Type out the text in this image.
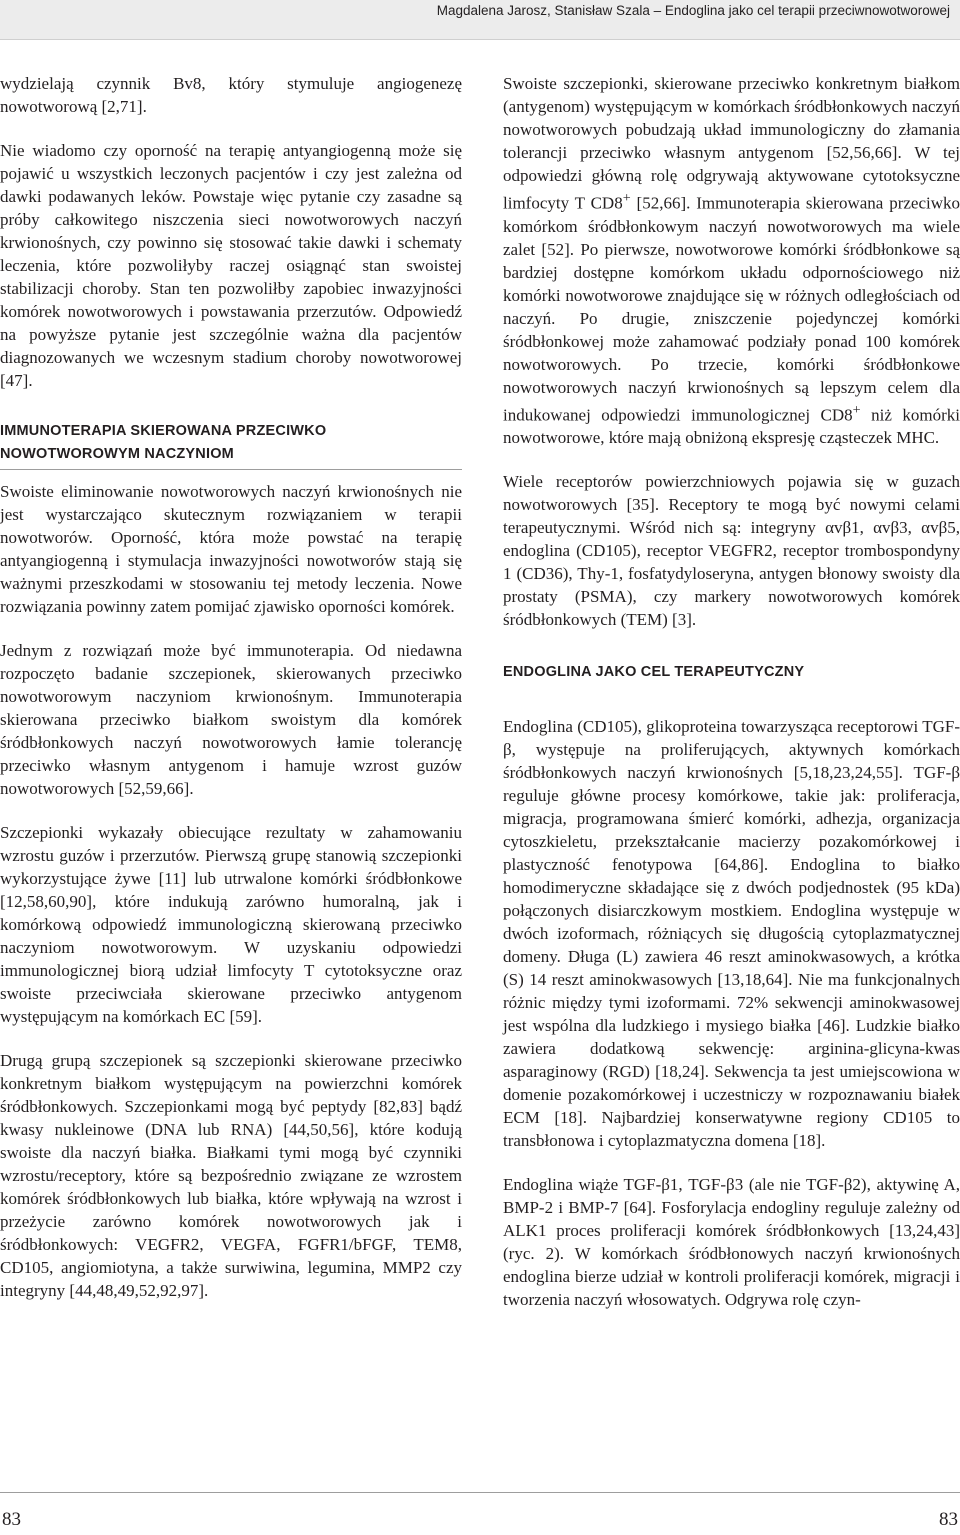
Magdalena Jarosz, Stanisław Szala – Endoglina jako cel terapii przeciwnowotworowej

wydzielają czynnik Bv8, który stymuluje angiogenezę nowotworową [2,71].

Nie wiadomo czy oporność na terapię antyangiogenną może się pojawić u wszystkich leczonych pacjentów i czy jest zależna od dawki podawanych leków. Powstaje więc pytanie czy zasadne są próby całkowitego niszczenia sieci nowotworowych naczyń krwionośnych, czy powinno się stosować takie dawki i schematy leczenia, które pozwoliłyby raczej osiągnąć stan swoistej stabilizacji choroby. Stan ten pozwoliłby zapobiec inwazyjności komórek nowotworowych i powstawania przerzutów. Odpowiedź na powyższe pytanie jest szczególnie ważna dla pacjentów diagnozowanych we wczesnym stadium choroby nowotworowej [47].

IMMUNOTERAPIA SKIEROWANA PRZECIWKO NOWOTWOROWYM NACZYNIOM

Swoiste eliminowanie nowotworowych naczyń krwionośnych nie jest wystarczająco skutecznym rozwiązaniem w terapii nowotworów. Oporność, która może powstać na terapię antyangiogenną i stymulacja inwazyjności nowotworów stają się ważnymi przeszkodami w stosowaniu tej metody leczenia. Nowe rozwiązania powinny zatem pomijać zjawisko oporności komórek.

Jednym z rozwiązań może być immunoterapia. Od niedawna rozpoczęto badanie szczepionek, skierowanych przeciwko nowotworowym naczyniom krwionośnym. Immunoterapia skierowana przeciwko białkom swoistym dla komórek śródbłonkowych naczyń nowotworowych łamie tolerancję przeciwko własnym antygenom i hamuje wzrost guzów nowotworowych [52,59,66].

Szczepionki wykazały obiecujące rezultaty w zahamowaniu wzrostu guzów i przerzutów. Pierwszą grupę stanowią szczepionki wykorzystujące żywe [11] lub utrwalone komórki śródbłonkowe [12,58,60,90], które indukują zarówno humoralną, jak i komórkową odpowiedź immunologiczną skierowaną przeciwko naczyniom nowotworowym. W uzyskaniu odpowiedzi immunologicznej biorą udział limfocyty T cytotoksyczne oraz swoiste przeciwciała skierowane przeciwko antygenom występującym na komórkach EC [59].

Drugą grupą szczepionek są szczepionki skierowane przeciwko konkretnym białkom występującym na powierzchni komórek śródbłonkowych. Szczepionkami mogą być peptydy [82,83] bądź kwasy nukleinowe (DNA lub RNA) [44,50,56], które kodują swoiste dla naczyń białka. Białkami tymi mogą być czynniki wzrostu/receptory, które są bezpośrednio związane ze wzrostem komórek śródbłonkowych lub białka, które wpływają na wzrost i przeżycie zarówno komórek nowotworowych jak i śródbłonkowych: VEGFR2, VEGFA, FGFR1/bFGF, TEM8, CD105, angiomiotyna, a także surwiwina, legumina, MMP2 czy integryny [44,48,49,52,92,97].

Swoiste szczepionki, skierowane przeciwko konkretnym białkom (antygenom) występującym w komórkach śródbłonkowych naczyń nowotworowych pobudzają układ immunologiczny do złamania tolerancji przeciwko własnym antygenom [52,56,66]. W tej odpowiedzi główną rolę odgrywają aktywowane cytotoksyczne limfocyty T CD8+ [52,66]. Immunoterapia skierowana przeciwko komórkom śródbłonkowym naczyń nowotworowych ma wiele zalet [52]. Po pierwsze, nowotworowe komórki śródbłonkowe są bardziej dostępne komórkom układu odpornościowego niż komórki nowotworowe znajdujące się w różnych odległościach od naczyń. Po drugie, zniszczenie pojedynczej komórki śródbłonkowej może zahamować podziały ponad 100 komórek nowotworowych. Po trzecie, komórki śródbłonkowe nowotworowych naczyń krwionośnych są lepszym celem dla indukowanej odpowiedzi immunologicznej CD8+ niż komórki nowotworowe, które mają obniżoną ekspresję cząsteczek MHC.

Wiele receptorów powierzchniowych pojawia się w guzach nowotworowych [35]. Receptory te mogą być nowymi celami terapeutycznymi. Wśród nich są: integryny αvβ1, αvβ3, αvβ5, endoglina (CD105), receptor VEGFR2, receptor trombospondyny 1 (CD36), Thy-1, fosfatydyloseryna, antygen błonowy swoisty dla prostaty (PSMA), czy markery nowotworowych komórek śródbłonkowych (TEM) [3].

ENDOGLINA JAKO CEL TERAPEUTYCZNY

Endoglina (CD105), glikoproteina towarzysząca receptorowi TGF-β, występuje na proliferujących, aktywnych komórkach śródbłonkowych naczyń krwionośnych [5,18,23,24,55]. TGF-β reguluje główne procesy komórkowe, takie jak: proliferacja, migracja, programowana śmierć komórki, adhezja, organizacja cytoszkieletu, przekształcanie macierzy pozakomórkowej i plastyczność fenotypowa [64,86]. Endoglina to białko homodimeryczne składające się z dwóch podjednostek (95 kDa) połączonych disiarczkowym mostkiem. Endoglina występuje w dwóch izoformach, różniących się długością cytoplazmatycznej domeny. Długa (L) zawiera 46 reszt aminokwasowych, a krótka (S) 14 reszt aminokwasowych [13,18,64]. Nie ma funkcjonalnych różnic między tymi izoformami. 72% sekwencji aminokwasowej jest wspólna dla ludzkiego i mysiego białka [46]. Ludzkie białko zawiera dodatkową sekwencję: arginina-glicyna-kwas asparaginowy (RGD) [18,24]. Sekwencja ta jest umiejscowiona w domenie pozakomórkowej i uczestniczy w rozpoznawaniu białek ECM [18]. Najbardziej konserwatywne regiony CD105 to transbłonowa i cytoplazmatyczna domena [18].

Endoglina wiąże TGF-β1, TGF-β3 (ale nie TGF-β2), aktywinę A, BMP-2 i BMP-7 [64]. Fosforylacja endogliny reguluje zależny od ALK1 proces proliferacji komórek śródbłonkowych [13,24,43] (ryc. 2). W komórkach śródbłonowych naczyń krwionośnych endoglina bierze udział w kontroli proliferacji komórek, migracji i tworzenia naczyń włosowatych. Odgrywa rolę czyn-

83	83
